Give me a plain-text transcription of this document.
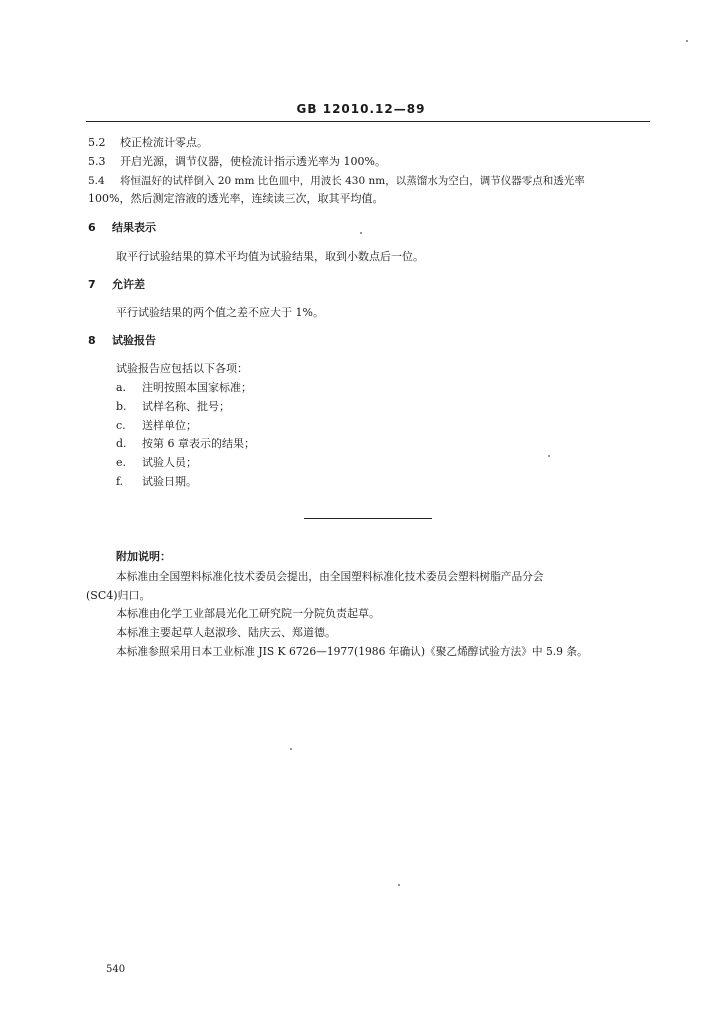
GB 12010.12—89
5.2 校正检流计零点。
5.3 开启光源，调节仪器，使检流计指示透光率为 100%。
5.4 将恒温好的试样倒入 20 mm 比色皿中，用波长 430 nm，以蒸馏水为空白，调节仪器零点和透光率
100%，然后测定溶液的透光率，连续读三次，取其平均值。
6 结果表示
取平行试验结果的算术平均值为试验结果，取到小数点后一位。
7 允许差
平行试验结果的两个值之差不应大于 1%。
8 试验报告
试验报告应包括以下各项：
a. 注明按照本国家标准；
b. 试样名称、批号；
c. 送样单位；
d. 按第 6 章表示的结果；
e. 试验人员；
f. 试验日期。
附加说明：
本标准由全国塑料标准化技术委员会提出，由全国塑料标准化技术委员会塑料树脂产品分会
(SC4)归口。
本标准由化学工业部晨光化工研究院一分院负责起草。
本标准主要起草人赵淑珍、陆庆云、郑道德。
本标准参照采用日本工业标准 JIS K 6726—1977(1986 年确认)《聚乙烯醇试验方法》中 5.9 条。
540
